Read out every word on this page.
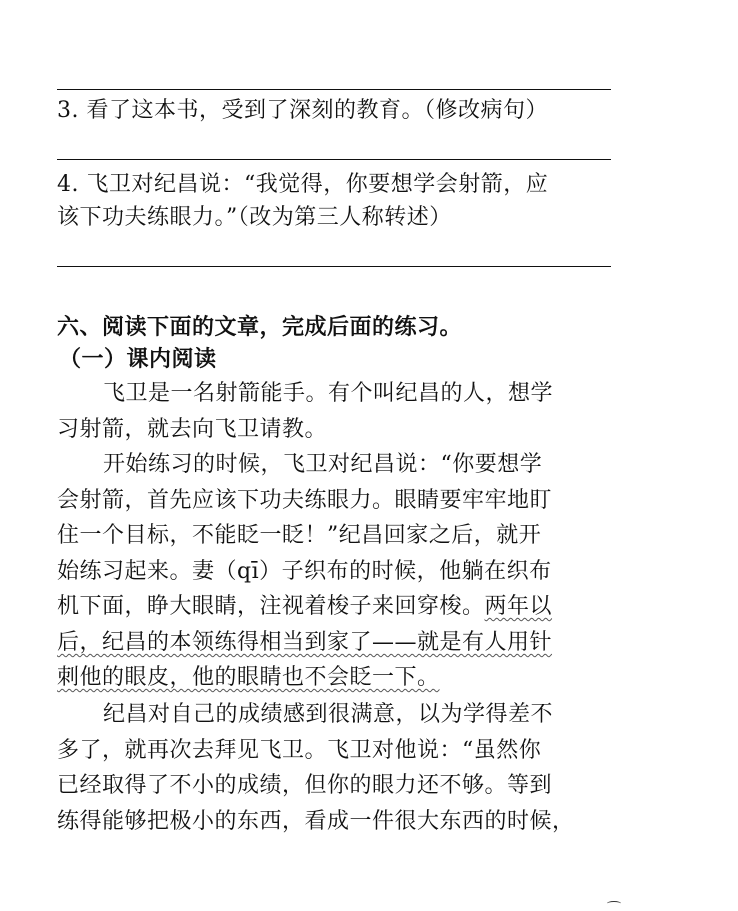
3. 看了这本书，受到了深刻的教育。（修改病句）
4. 飞卫对纪昌说：“我觉得，你要想学会射箭，应
该下功夫练眼力。”（改为第三人称转述）
六、阅读下面的文章，完成后面的练习。
（一）课内阅读
飞卫是一名射箭能手。有个叫纪昌的人，想学
习射箭，就去向飞卫请教。
开始练习的时候，飞卫对纪昌说：“你要想学
会射箭，首先应该下功夫练眼力。眼睛要牢牢地盯
住一个目标，不能眨一眨！”纪昌回家之后，就开
始练习起来。妻（qī）子织布的时候，他躺在织布
机下面，睁大眼睛，注视着梭子来回穿梭。两年以
后，纪昌的本领练得相当到家了——就是有人用针
刺他的眼皮，他的眼睛也不会眨一下。
纪昌对自己的成绩感到很满意，以为学得差不
多了，就再次去拜见飞卫。飞卫对他说：“虽然你
已经取得了不小的成绩，但你的眼力还不够。等到
练得能够把极小的东西，看成一件很大东西的时候，
